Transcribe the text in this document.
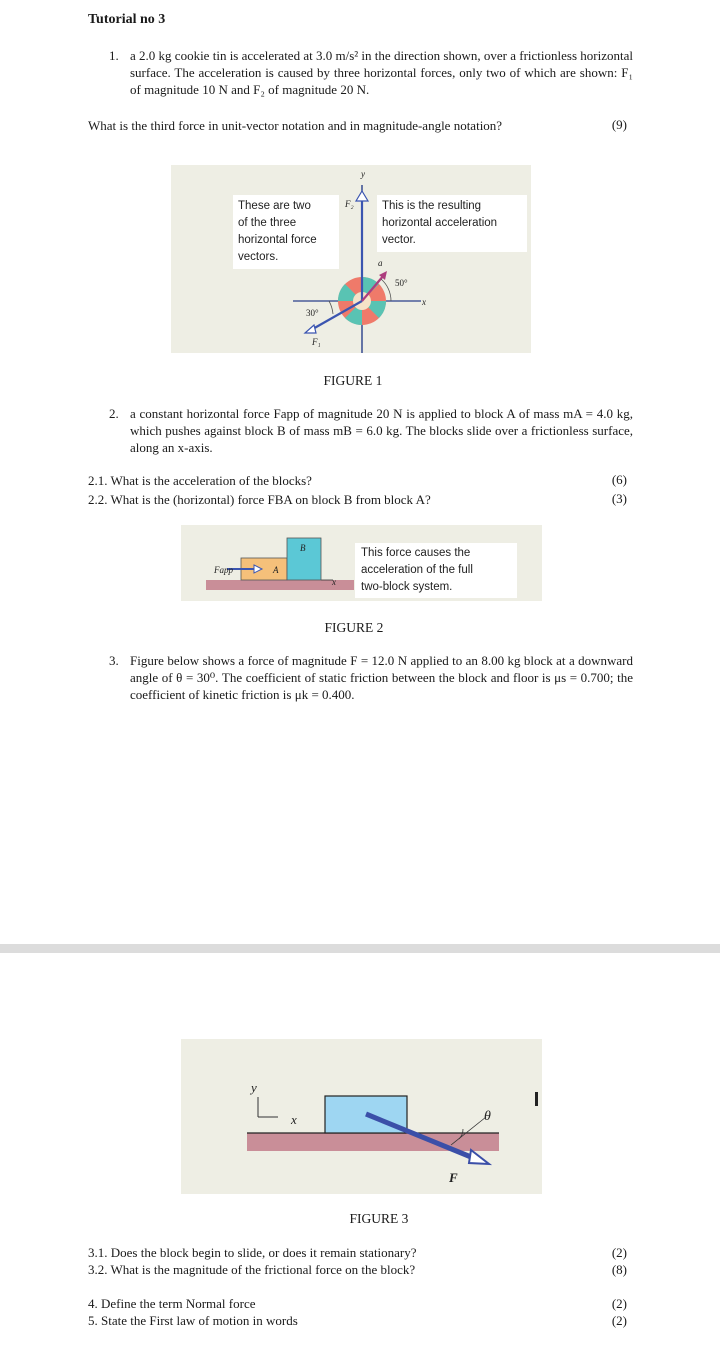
Tutorial no 3
1. a 2.0 kg cookie tin is accelerated at 3.0 m/s² in the direction shown, over a frictionless horizontal surface. The acceleration is caused by three horizontal forces, only two of which are shown: F₁ of magnitude 10 N and F₂ of magnitude 20 N.
What is the third force in unit-vector notation and in magnitude-angle notation?	(9)
30°
50°
y
x
F₂
F₁
a
These are two
of the three
horizontal force
vectors.
This is the resulting
horizontal acceleration
vector.
FIGURE 1
2. a constant horizontal force Fapp of magnitude 20 N is applied to block A of mass mA = 4.0 kg, which pushes against block B of mass mB = 6.0 kg. The blocks slide over a frictionless surface, along an x-axis.
2.1. What is the acceleration of the blocks?	(6)
2.2. What is the (horizontal) force FBA on block B from block A?	(3)
Fapp	A
B
x
This force causes the
acceleration of the full
two-block system.
FIGURE 2
3. Figure below shows a force of magnitude F = 12.0 N applied to an 8.00 kg block at a downward angle of θ = 30⁰. The coefficient of static friction between the block and floor is μs = 0.700; the coefficient of kinetic friction is μk = 0.400.
y
x	θ
F
FIGURE 3
3.1. Does the block begin to slide, or does it remain stationary?	(2)
3.2. What is the magnitude of the frictional force on the block?	(8)
4. Define the term Normal force	(2)
5. State the First law of motion in words	(2)
